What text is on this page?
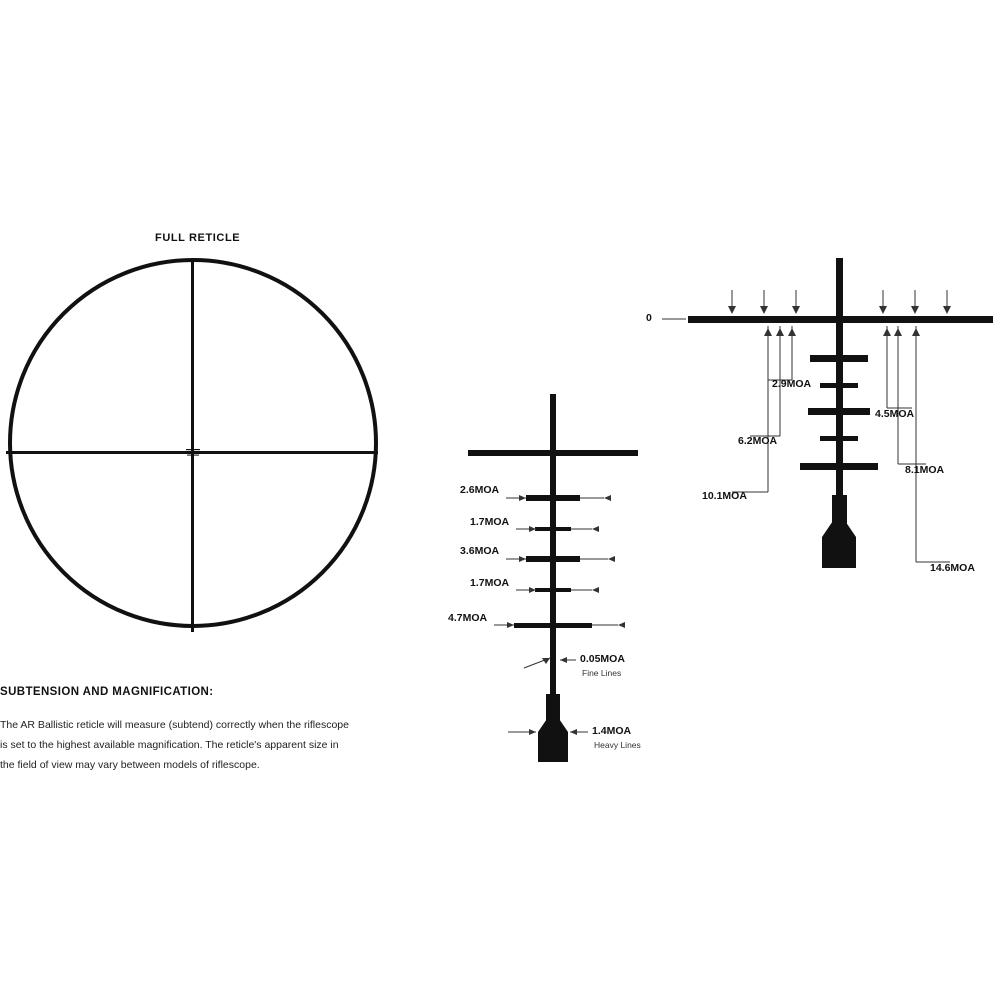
FULL RETICLE
SUBTENSION AND MAGNIFICATION:
The AR Ballistic reticle will measure (subtend) correctly when the riflescope is set to the highest available magnification. The reticle's apparent size in the field of view may vary between models of riflescope.
2.6MOA
1.7MOA
3.6MOA
1.7MOA
4.7MOA
0.05MOA
Fine Lines
1.4MOA
Heavy Lines
0
2.9MOA
4.5MOA
6.2MOA
8.1MOA
10.1MOA
14.6MOA
